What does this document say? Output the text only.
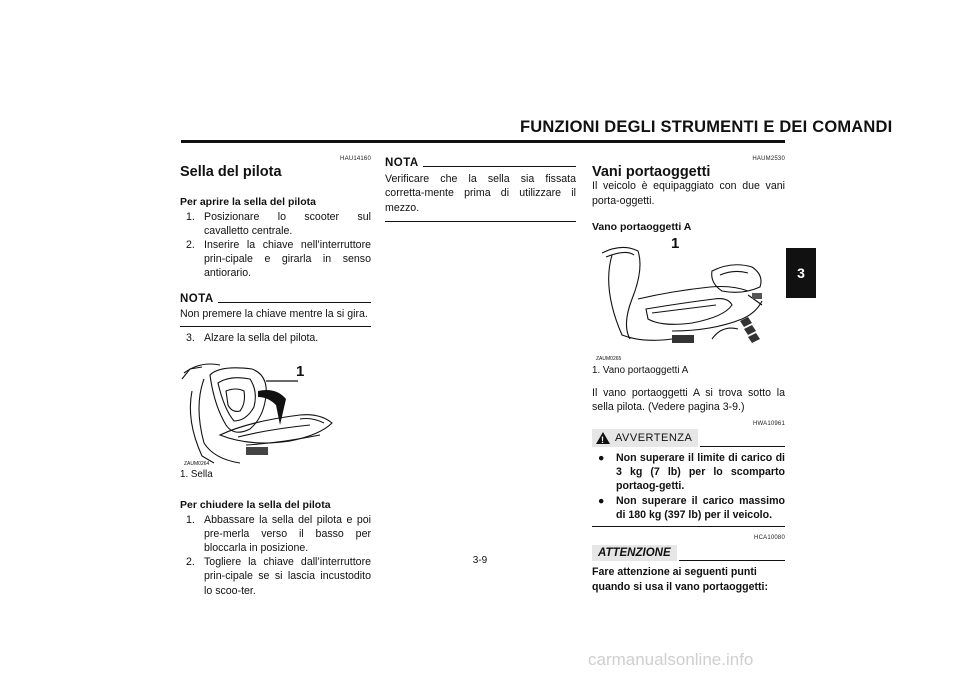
FUNZIONI DEGLI STRUMENTI E DEI COMANDI
3
HAU14160
Sella del pilota
Per aprire la sella del pilota
1. Posizionare lo scooter sul cavalletto centrale.
2. Inserire la chiave nell’interruttore prin-cipale e girarla in senso antiorario.
NOTA
Non premere la chiave mentre la si gira.
3. Alzare la sella del pilota.
1
ZAUM0264
1. Sella
Per chiudere la sella del pilota
1. Abbassare la sella del pilota e poi pre-merla verso il basso per bloccarla in posizione.
2. Togliere la chiave dall’interruttore prin-cipale se si lascia incustodito lo scoo-ter.
NOTA
Verificare che la sella sia fissata corretta-mente prima di utilizzare il mezzo.
HAUM2530
Vani portaoggetti
Il veicolo è equipaggiato con due vani porta-oggetti.
Vano portaoggetti A
1
ZAUM0265
1. Vano portaoggetti A
Il vano portaoggetti A si trova sotto la sella pilota. (Vedere pagina 3-9.)
HWA10961
!
AVVERTENZA
●	Non superare il limite di carico di 3 kg (7 lb) per lo scomparto portaog-getti.
●	Non superare il carico massimo di 180 kg (397 lb) per il veicolo.
HCA10080
ATTENZIONE
Fare attenzione ai seguenti punti quando si usa il vano portaoggetti:
3-9
carmanualsonline.info
